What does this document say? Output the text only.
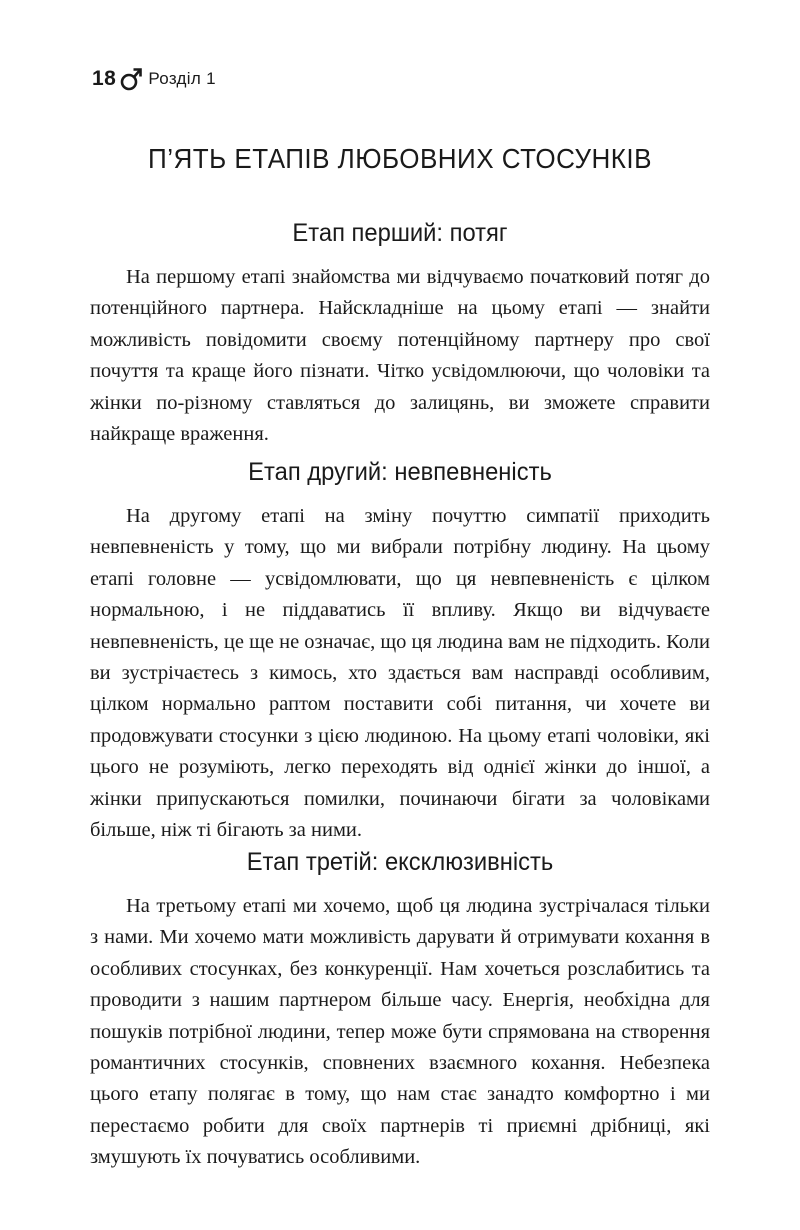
18 Розділ 1
П’ЯТЬ ЕТАПІВ ЛЮБОВНИХ СТОСУНКІВ
Етап перший: потяг

На першому етапі знайомства ми відчуваємо початковий потяг до потенційного партнера. Найскладніше на цьому етапі — знайти можливість повідомити своєму потенційному партнеру про свої почуття та краще його пізнати. Чітко усвідомлюючи, що чоловіки та жінки по-різному ставляться до залицянь, ви зможете справити найкраще враження.

Етап другий: невпевненість

На другому етапі на зміну почуттю симпатії приходить невпевненість у тому, що ми вибрали потрібну людину. На цьому етапі головне — усвідомлювати, що ця невпевненість є цілком нормальною, і не піддаватись її впливу. Якщо ви відчуваєте невпевненість, це ще не означає, що ця людина вам не підходить. Коли ви зустрічаєтесь з кимось, хто здається вам насправді особливим, цілком нормально раптом поставити собі питання, чи хочете ви продовжувати стосунки з цією людиною. На цьому етапі чоловіки, які цього не розуміють, легко переходять від однієї жінки до іншої, а жінки припускаються помилки, починаючи бігати за чоловіками більше, ніж ті бігають за ними.

Етап третій: ексклюзивність

На третьому етапі ми хочемо, щоб ця людина зустрічалася тільки з нами. Ми хочемо мати можливість дарувати й отримувати кохання в особливих стосунках, без конкуренції. Нам хочеться розслабитись та проводити з нашим партнером більше часу. Енергія, необхідна для пошуків потрібної людини, тепер може бути спрямована на створення романтичних стосунків, сповнених взаємного кохання. Небезпека цього етапу полягає в тому, що нам стає занадто комфортно і ми перестаємо робити для своїх партнерів ті приємні дрібниці, які змушують їх почуватись особливими.
